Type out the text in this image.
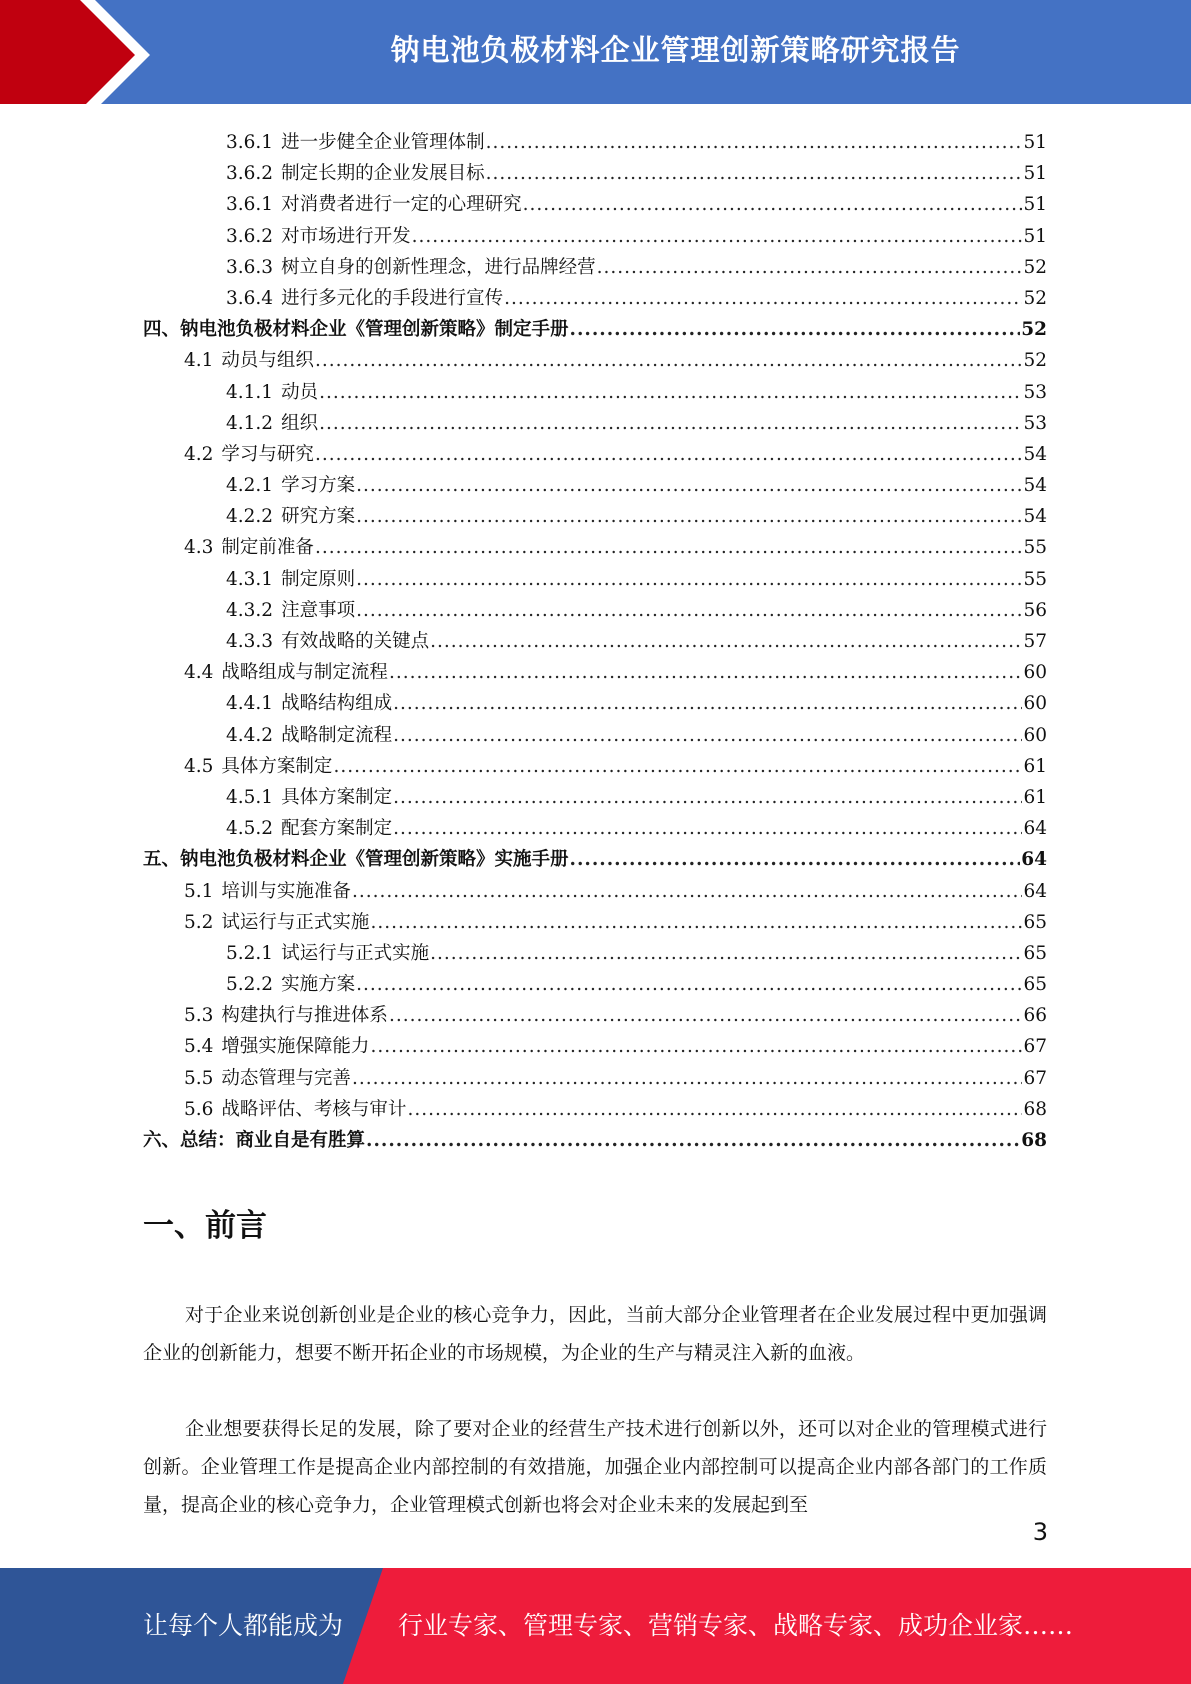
钠电池负极材料企业管理创新策略研究报告
3.6.1 进一步健全企业管理体制 .....	51
3.6.2 制定长期的企业发展目标 .....	51
3.6.1 对消费者进行一定的心理研究 .....	51
3.6.2 对市场进行开发 .....	51
3.6.3 树立自身的创新性理念，进行品牌经营 .....	52
3.6.4 进行多元化的手段进行宣传 .....	52
四、钠电池负极材料企业《管理创新策略》制定手册 .....	52
4.1 动员与组织 .....	52
4.1.1 动员 .....	53
4.1.2 组织 .....	53
4.2 学习与研究 .....	54
4.2.1 学习方案 .....	54
4.2.2 研究方案 .....	54
4.3 制定前准备 .....	55
4.3.1 制定原则 .....	55
4.3.2 注意事项 .....	56
4.3.3 有效战略的关键点 .....	57
4.4 战略组成与制定流程 .....	60
4.4.1 战略结构组成 .....	60
4.4.2 战略制定流程 .....	60
4.5 具体方案制定 .....	61
4.5.1 具体方案制定 .....	61
4.5.2 配套方案制定 .....	64
五、钠电池负极材料企业《管理创新策略》实施手册 .....	64
5.1 培训与实施准备 .....	64
5.2 试运行与正式实施 .....	65
5.2.1 试运行与正式实施 .....	65
5.2.2 实施方案 .....	65
5.3 构建执行与推进体系 .....	66
5.4 增强实施保障能力 .....	67
5.5 动态管理与完善 .....	67
5.6 战略评估、考核与审计 .....	68
六、总结：商业自是有胜算 .....	68
一、前言

对于企业来说创新创业是企业的核心竞争力，因此，当前大部分企业管理者在企业发展过程中更加强调企业的创新能力，想要不断开拓企业的市场规模，为企业的生产与精灵注入新的血液。

企业想要获得长足的发展，除了要对企业的经营生产技术进行创新以外，还可以对企业的管理模式进行创新。企业管理工作是提高企业内部控制的有效措施，加强企业内部控制可以提高企业内部各部门的工作质量，提高企业的核心竞争力，企业管理模式创新也将会对企业未来的发展起到至

3
让每个人都能成为 行业专家、管理专家、营销专家、战略专家、成功企业家……
